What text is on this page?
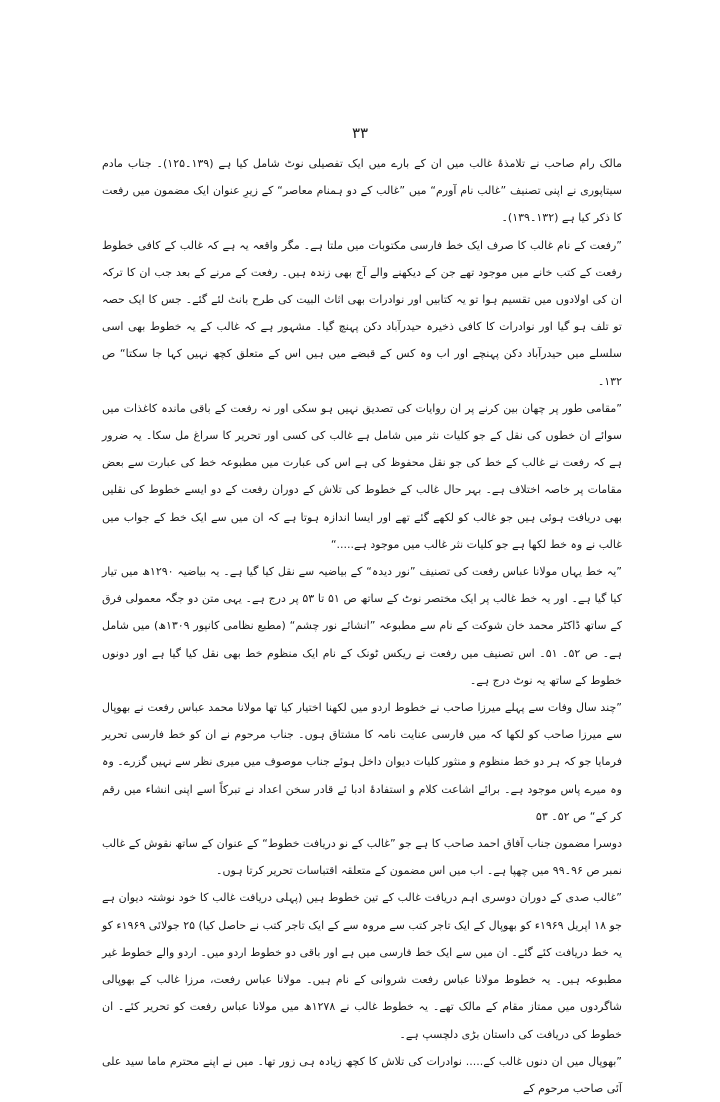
۳۳

مالک رام صاحب نے تلامذۂ غالب میں ان کے بارے میں ایک تفصیلی نوٹ شامل کیا ہے (۱۳۹۔۱۲۵)۔ جناب مادم سیتاپوری نے اپنی تصنیف ”غالب نام آورم“ میں ”غالب کے دو ہمنام معاصر“ کے زیرِ عنوان ایک مضمون میں رفعت کا ذکر کیا ہے (۱۳۲۔۱۳۹)۔

”رفعت کے نام غالب کا صرف ایک خط فارسی مکتوبات میں ملتا ہے۔ مگر واقعہ یہ ہے کہ غالب کے کافی خطوط رفعت کے کتب خانے میں موجود تھے جن کے دیکھنے والے آج بھی زندہ ہیں۔ رفعت کے مرنے کے بعد جب ان کا ترکہ ان کی اولادوں میں تقسیم ہوا تو یہ کتابیں اور نوادرات بھی اثاث البیت کی طرح بانٹ لئے گئے۔ جس کا ایک حصہ تو تلف ہو گیا اور نوادرات کا کافی ذخیرہ حیدرآباد دکن پہنچ گیا۔ مشہور ہے کہ غالب کے یہ خطوط بھی اسی سلسلے میں حیدرآباد دکن پہنچے اور اب وہ کس کے قبضے میں ہیں اس کے متعلق کچھ نہیں کہا جا سکتا“ ص ۱۳۲۔

”مقامی طور پر چھان بین کرنے پر ان روایات کی تصدیق نہیں ہو سکی اور نہ رفعت کے باقی ماندہ کاغذات میں سوائے ان خطوں کی نقل کے جو کلیات نثر میں شامل ہے غالب کی کسی اور تحریر کا سراغ مل سکا۔ یہ ضرور ہے کہ رفعت نے غالب کے خط کی جو نقل محفوظ کی ہے اس کی عبارت میں مطبوعہ خط کی عبارت سے بعض مقامات پر خاصہ اختلاف ہے۔ بہر حال غالب کے خطوط کی تلاش کے دوران رفعت کے دو ایسے خطوط کی نقلیں بھی دریافت ہوئی ہیں جو غالب کو لکھے گئے تھے اور ایسا اندازہ ہوتا ہے کہ ان میں سے ایک خط کے جواب میں غالب نے وہ خط لکھا ہے جو کلیات نثر غالب میں موجود ہے.....“

”یہ خط یہاں مولانا عباس رفعت کی تصنیف ”نور دیدہ“ کے بیاضیہ سے نقل کیا گیا ہے۔ یہ بیاضیہ ۱۲۹۰ھ میں تیار کیا گیا ہے۔ اور یہ خط غالب پر ایک مختصر نوٹ کے ساتھ ص ۵۱ تا ۵۳ پر درج ہے۔ یہی متن دو جگہ معمولی فرق کے ساتھ ڈاکٹر محمد خان شوکت کے نام سے مطبوعہ ”انشائے نور چشم“ (مطبع نظامی کانپور ۱۳۰۹ھ) میں شامل ہے۔ ص ۵۲۔ ۵۱۔ اس تصنیف میں رفعت نے ریکس ٹونک کے نام ایک منظوم خط بھی نقل کیا گیا ہے اور دونوں خطوط کے ساتھ یہ نوٹ درج ہے۔

”چند سال وفات سے پہلے میرزا صاحب نے خطوط اردو میں لکھنا اختیار کیا تھا مولانا محمد عباس رفعت نے بھوپال سے میرزا صاحب کو لکھا کہ میں فارسی عنایت نامہ کا مشتاق ہوں۔ جناب مرحوم نے ان کو خط فارسی تحریر فرمایا جو کہ ہر دو خط منظوم و منثور کلیات دیوان داخل ہوئے جناب موصوف میں میری نظر سے نہیں گزرے۔ وہ وہ میرے پاس موجود ہے۔ برائے اشاعت کلام و استفادۂ ادبا ئے قادر سخن اعداد نے تبرکاً اسے اپنی انشاء میں رقم کر کے“ ص ۵۲۔ ۵۳

دوسرا مضمون جناب آفاق احمد صاحب کا ہے جو ”غالب کے نو دریافت خطوط“ کے عنوان کے ساتھ نقوش کے غالب نمبر ص ۹۶۔۹۹ میں چھپا ہے۔ اب میں اس مضمون کے متعلقہ اقتباسات تحریر کرتا ہوں۔

”غالب صدی کے دوران دوسری اہم دریافت غالب کے تین خطوط ہیں (پہلی دریافت غالب کا خود نوشتہ دیوان ہے جو ۱۸ اپریل ۱۹۶۹ء کو بھوپال کے ایک تاجر کتب سے مروہ سے کے ایک تاجر کتب نے حاصل کیا) ۲۵ جولائی ۱۹۶۹ء کو یہ خط دریافت کئے گئے۔ ان میں سے ایک خط فارسی میں ہے اور باقی دو خطوط اردو میں۔ اردو والے خطوط غیر مطبوعہ ہیں۔ یہ خطوط مولانا عباس رفعت شروانی کے نام ہیں۔ مولانا عباس رفعت، مرزا غالب کے بھوپالی شاگردوں میں ممتاز مقام کے مالک تھے۔ یہ خطوط غالب نے ۱۲۷۸ھ میں مولانا عباس رفعت کو تحریر کئے۔ ان خطوط کی دریافت کی داستان بڑی دلچسپ ہے۔

”بھوپال میں ان دنوں غالب کے..... نوادرات کی تلاش کا کچھ زیادہ ہی زور تھا۔ میں نے اپنے محترم ماما سید علی آئی صاحب مرحوم کے
